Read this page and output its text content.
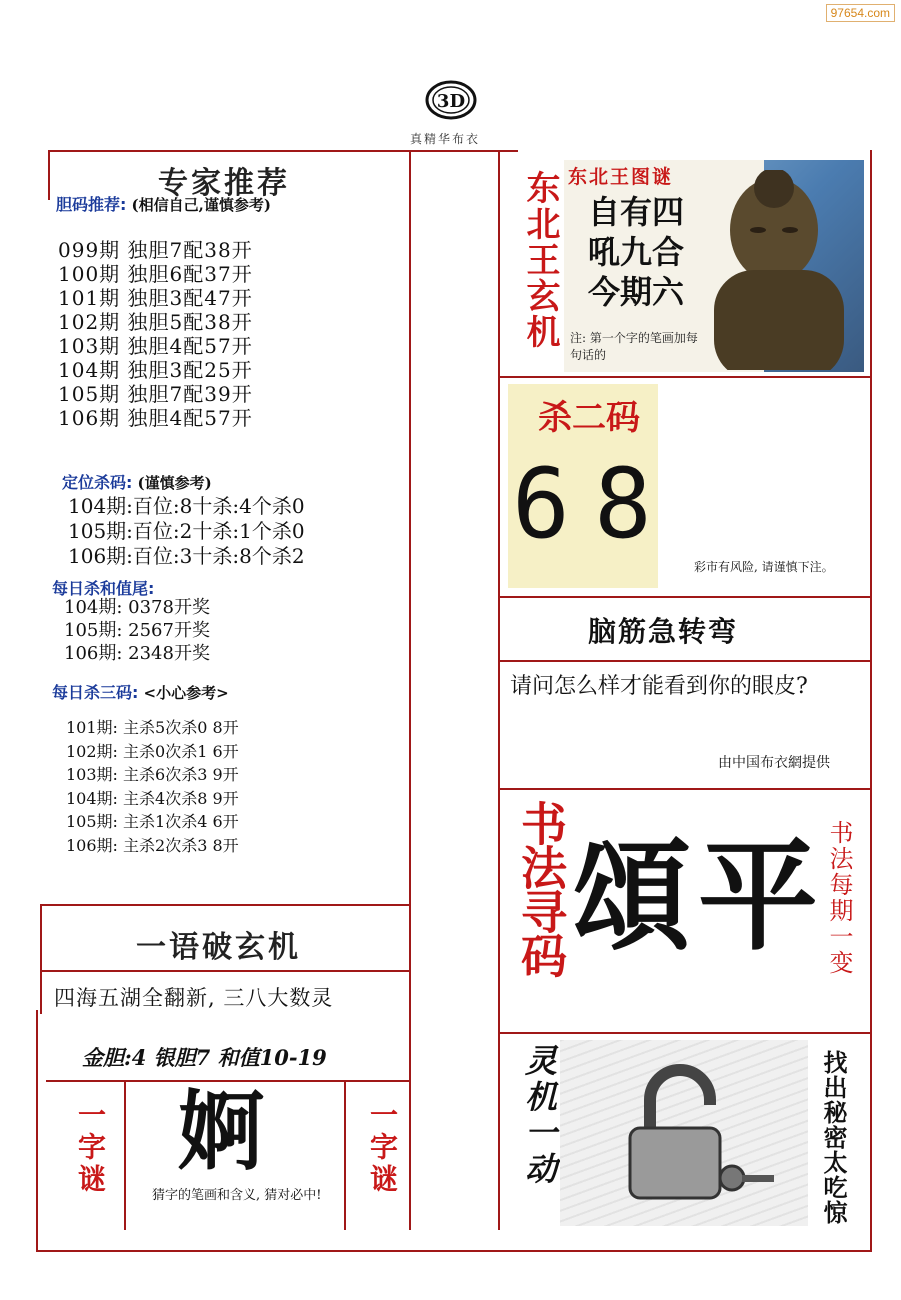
97654.com
3D
真精华布衣
专家推荐
胆码推荐: (相信自己,谨慎参考)
099期 独胆7配38开
100期 独胆6配37开
101期 独胆3配47开
102期 独胆5配38开
103期 独胆4配57开
104期 独胆3配25开
105期 独胆7配39开
106期 独胆4配57开
定位杀码: (谨慎参考)
104期:百位:8十杀:4个杀0
105期:百位:2十杀:1个杀0
106期:百位:3十杀:8个杀2
每日杀和值尾:
104期: 0378开奖
105期: 2567开奖
106期: 2348开奖
每日杀三码: <小心参考>
101期: 主杀5次杀0 8开
102期: 主杀0次杀1 6开
103期: 主杀6次杀3 9开
104期: 主杀4次杀8 9开
105期: 主杀1次杀4 6开
106期: 主杀2次杀3 8开
一语破玄机
四海五湖全翻新, 三八大数灵
金胆:4 银胆7 和值10-19
一字谜	一字谜
婀
猜字的笔画和含义, 猜对必中!
东北王玄机 东北王图谜
自有四
吼九合
今期六
注: 第一个字的笔画加每句话的
杀二码
6 8
彩市有风险, 请谨慎下注。
脑筋急转弯
请问怎么样才能看到你的眼皮?
由中国布衣網提供
书法寻码 頌平 书法每期一变
灵机一动	找出秘密太吃惊
